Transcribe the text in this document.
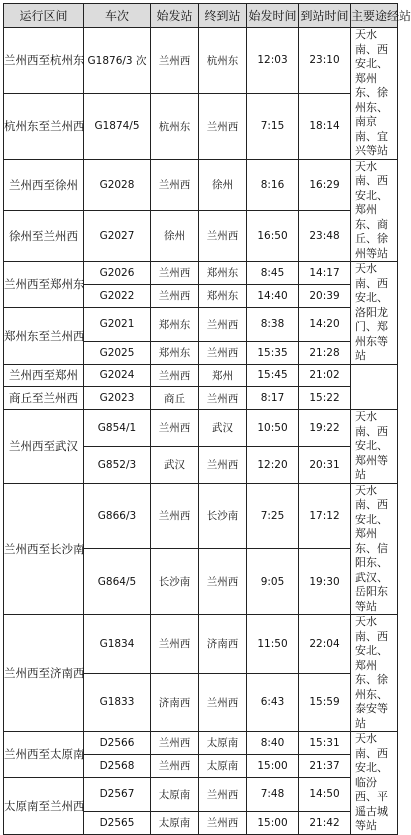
运行区间	车次	始发站	终到站	始发时间	到站时间	主要途经站
兰州西至杭州东	G1876/3 次	兰州西	杭州东	12:03	23:10	天水南、西安北、郑州东、徐州东、南京南、宜兴等站
杭州东至兰州西	G1874/5	杭州东	兰州西	7:15	18:14	
兰州西至徐州	G2028	兰州西	徐州	8:16	16:29	天水南、西安北、郑州东、商丘、徐州等站
徐州至兰州西	G2027	徐州	兰州西	16:50	23:48	
兰州西至郑州东	G2026	兰州西	郑州东	8:45	14:17	天水南、西安北、洛阳龙门、郑州东等站
	G2022	兰州西	郑州东	14:40	20:39	
郑州东至兰州西	G2021	郑州东	兰州西	8:38	14:20	
	G2025	郑州东	兰州西	15:35	21:28	
兰州西至郑州	G2024	兰州西	郑州	15:45	21:02	
商丘至兰州西	G2023	商丘	兰州西	8:17	15:22	
兰州西至武汉	G854/1	兰州西	武汉	10:50	19:22	天水南、西安北、郑州等站
	G852/3	武汉	兰州西	12:20	20:31	
兰州西至长沙南	G866/3	兰州西	长沙南	7:25	17:12	天水南、西安北、郑州东、信阳东、武汉、岳阳东等站
	G864/5	长沙南	兰州西	9:05	19:30	
兰州西至济南西	G1834	兰州西	济南西	11:50	22:04	天水南、西安北、郑州东、徐州东、泰安等站
	G1833	济南西	兰州西	6:43	15:59	
兰州西至太原南	D2566	兰州西	太原南	8:40	15:31	天水南、西安北、临汾西、平遥古城等站
	D2568	兰州西	太原南	15:00	21:37	
太原南至兰州西	D2567	太原南	兰州西	7:48	14:50	
	D2565	太原南	兰州西	15:00	21:42	
